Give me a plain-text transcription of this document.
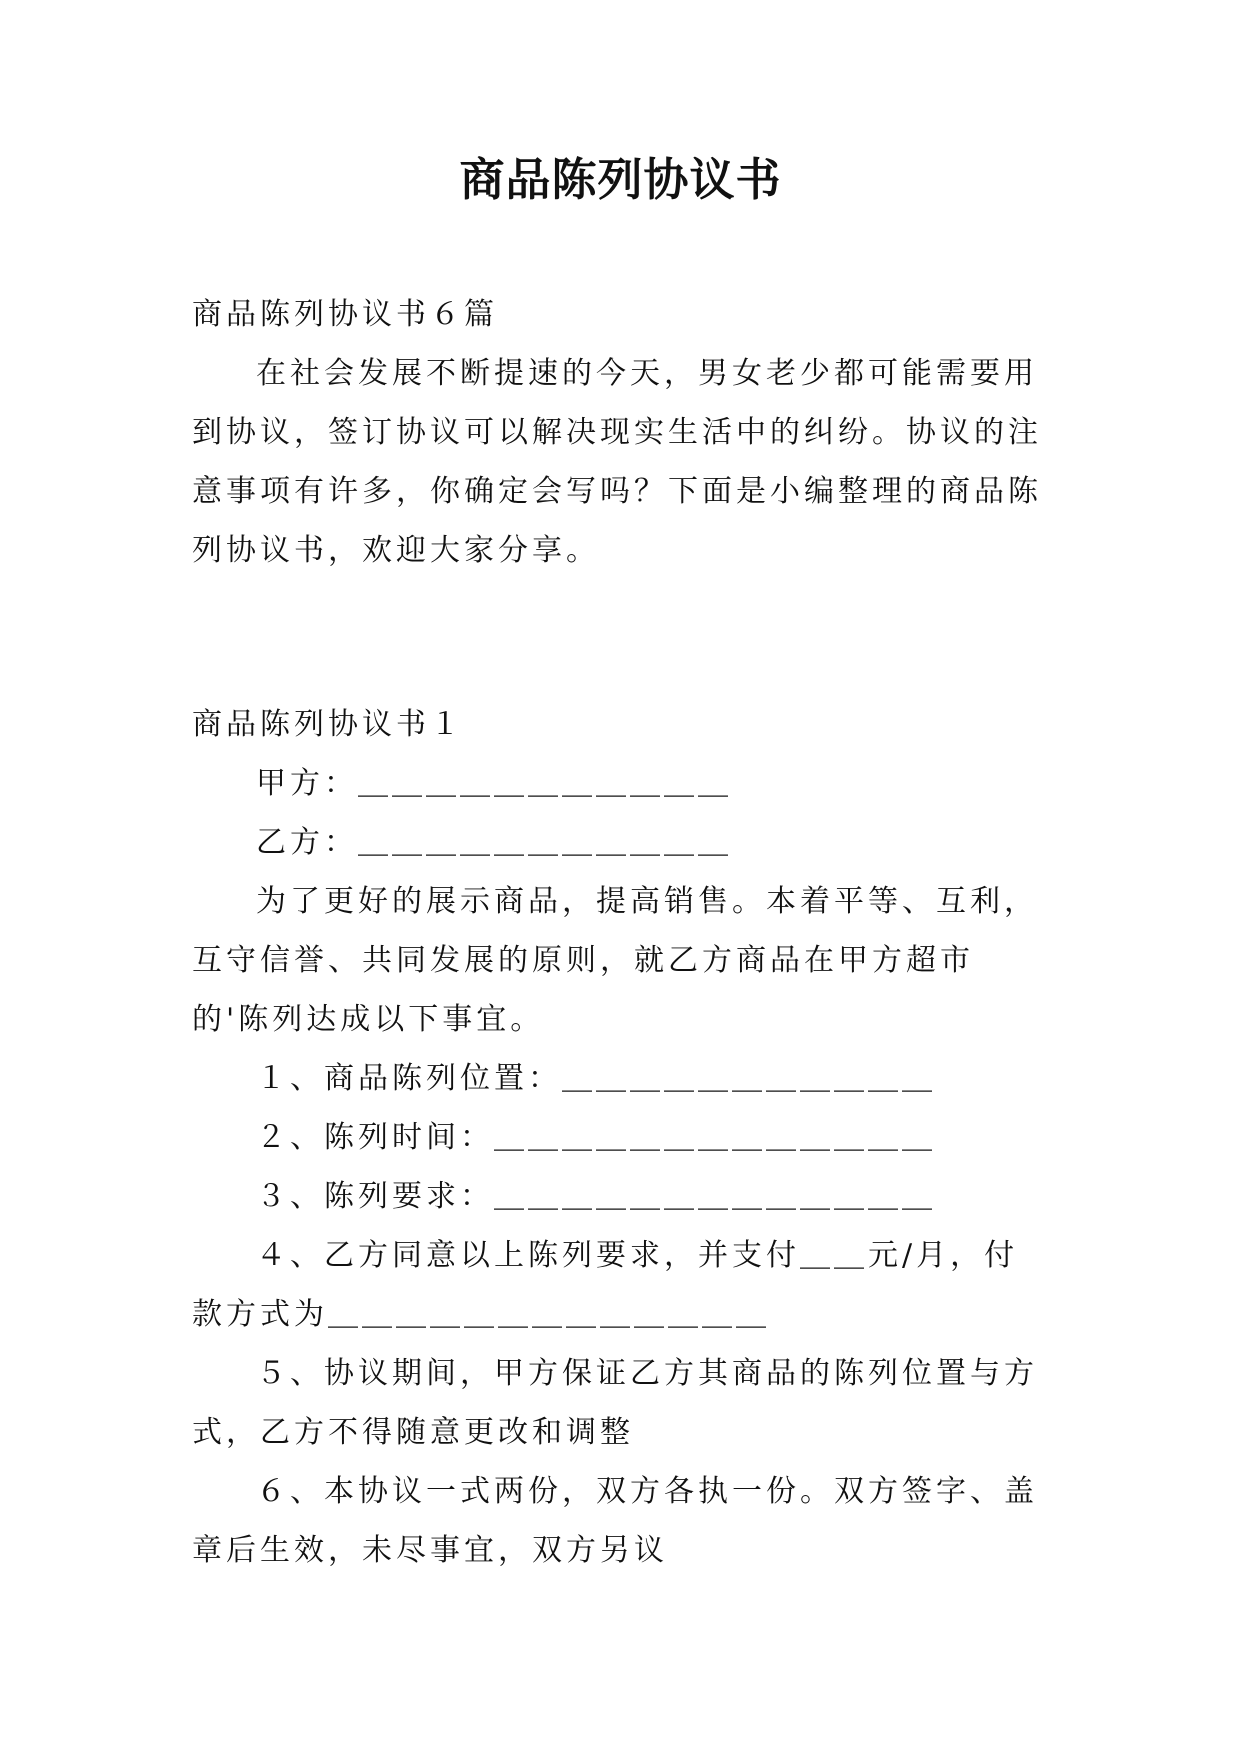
商品陈列协议书

商品陈列协议书６篇

在社会发展不断提速的今天，男女老少都可能需要用到协议，签订协议可以解决现实生活中的纠纷。协议的注意事项有许多，你确定会写吗？下面是小编整理的商品陈列协议书，欢迎大家分享。

商品陈列协议书１

甲方：＿＿＿＿＿＿＿＿＿＿＿

乙方：＿＿＿＿＿＿＿＿＿＿＿

为了更好的展示商品，提高销售。本着平等、互利，互守信誉、共同发展的原则，就乙方商品在甲方超市的'陈列达成以下事宜。

１、商品陈列位置：＿＿＿＿＿＿＿＿＿＿＿

２、陈列时间：＿＿＿＿＿＿＿＿＿＿＿＿＿

３、陈列要求：＿＿＿＿＿＿＿＿＿＿＿＿＿

４、乙方同意以上陈列要求，并支付＿＿元/月，付款方式为＿＿＿＿＿＿＿＿＿＿＿＿＿

５、协议期间，甲方保证乙方其商品的陈列位置与方式，乙方不得随意更改和调整

６、本协议一式两份，双方各执一份。双方签字、盖章后生效，未尽事宜，双方另议
